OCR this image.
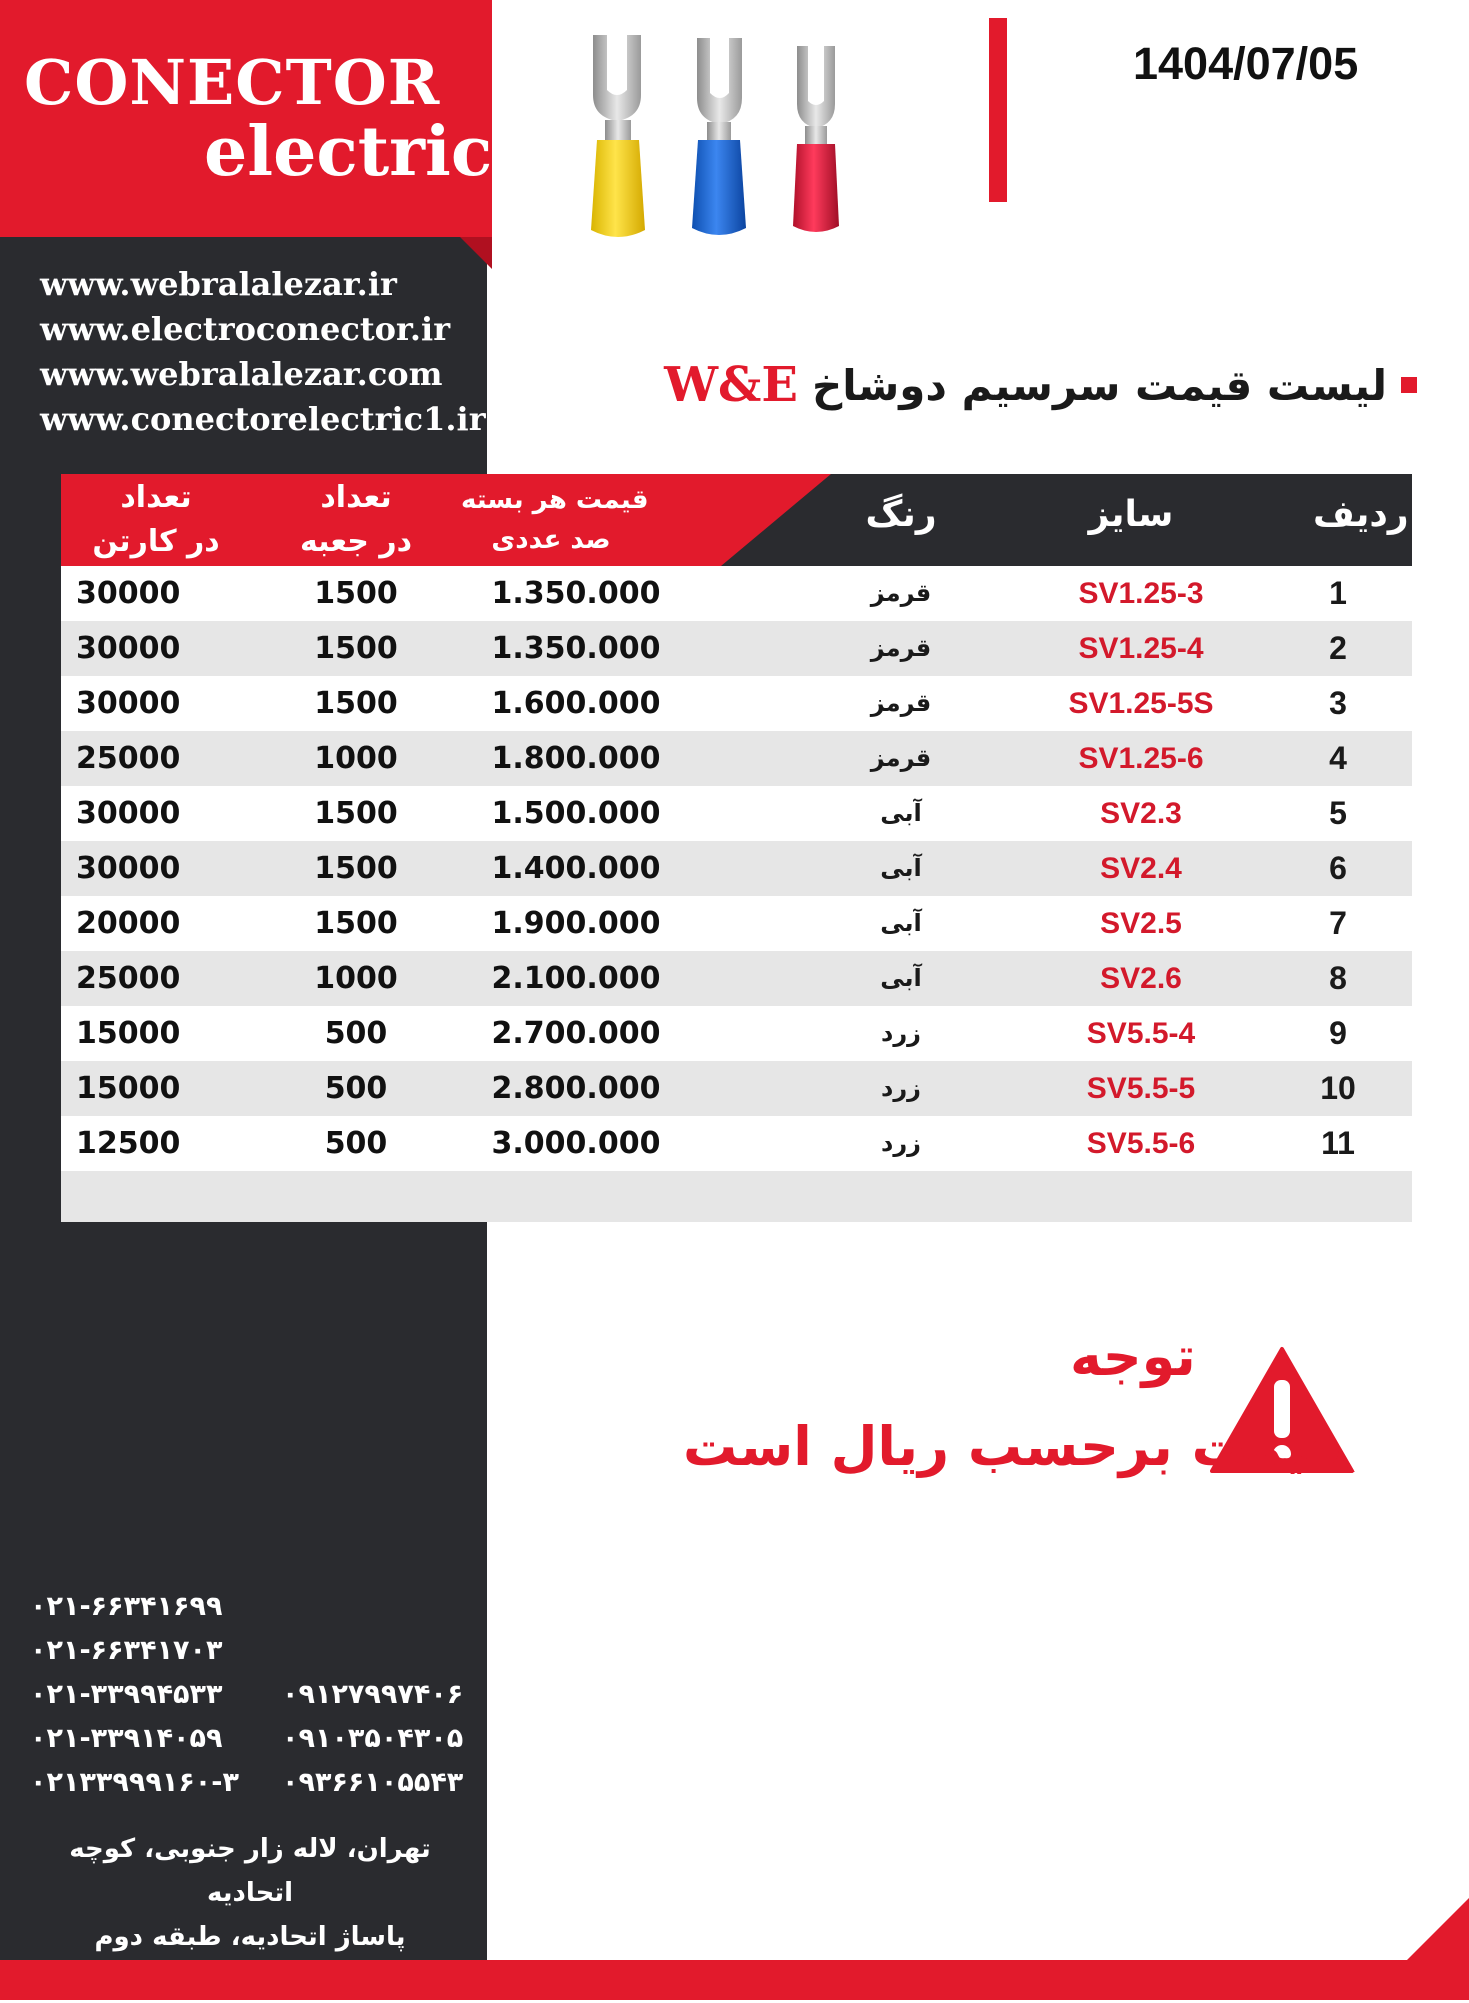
CONECTOR
electric
www.webralalezar.ir
www.electroconector.ir
www.webralalezar.com
www.conectorelectric1.ir
1404/07/05
لیست قیمت سرسیم دوشاخ
W&E
ردیف
سایز
رنگ
قیمت هر بسته
صد عددی
تعداد
در جعبه
تعداد
در کارتن
1
SV1.25-3
قرمز
1.350.000
1500
30000
2
SV1.25-4
قرمز
1.350.000
1500
30000
3
SV1.25-5S
قرمز
1.600.000
1500
30000
4
SV1.25-6
قرمز
1.800.000
1000
25000
5
SV2.3
آبی
1.500.000
1500
30000
6
SV2.4
آبی
1.400.000
1500
30000
7
SV2.5
آبی
1.900.000
1500
20000
8
SV2.6
آبی
2.100.000
1000
25000
9
SV5.5-4
زرد
2.700.000
500
15000
10
SV5.5-5
زرد
2.800.000
500
15000
11
SV5.5-6
زرد
3.000.000
500
12500
توجه
قیمت برحسب ریال است
۰۲۱-۶۶۳۴۱۶۹۹
۰۲۱-۶۶۳۴۱۷۰۳
۰۲۱-۳۳۹۹۴۵۳۳
۰۲۱-۳۳۹۱۴۰۵۹
۰۲۱۳۳۹۹۹۱۶۰-۳
۰۹۱۲۷۹۹۷۴۰۶
۰۹۱۰۳۵۰۴۳۰۵
۰۹۳۶۶۱۰۵۵۴۳
تهران، لاله زار جنوبی، کوچه اتحادیه
پاساژ اتحادیه، طبقه دوم
